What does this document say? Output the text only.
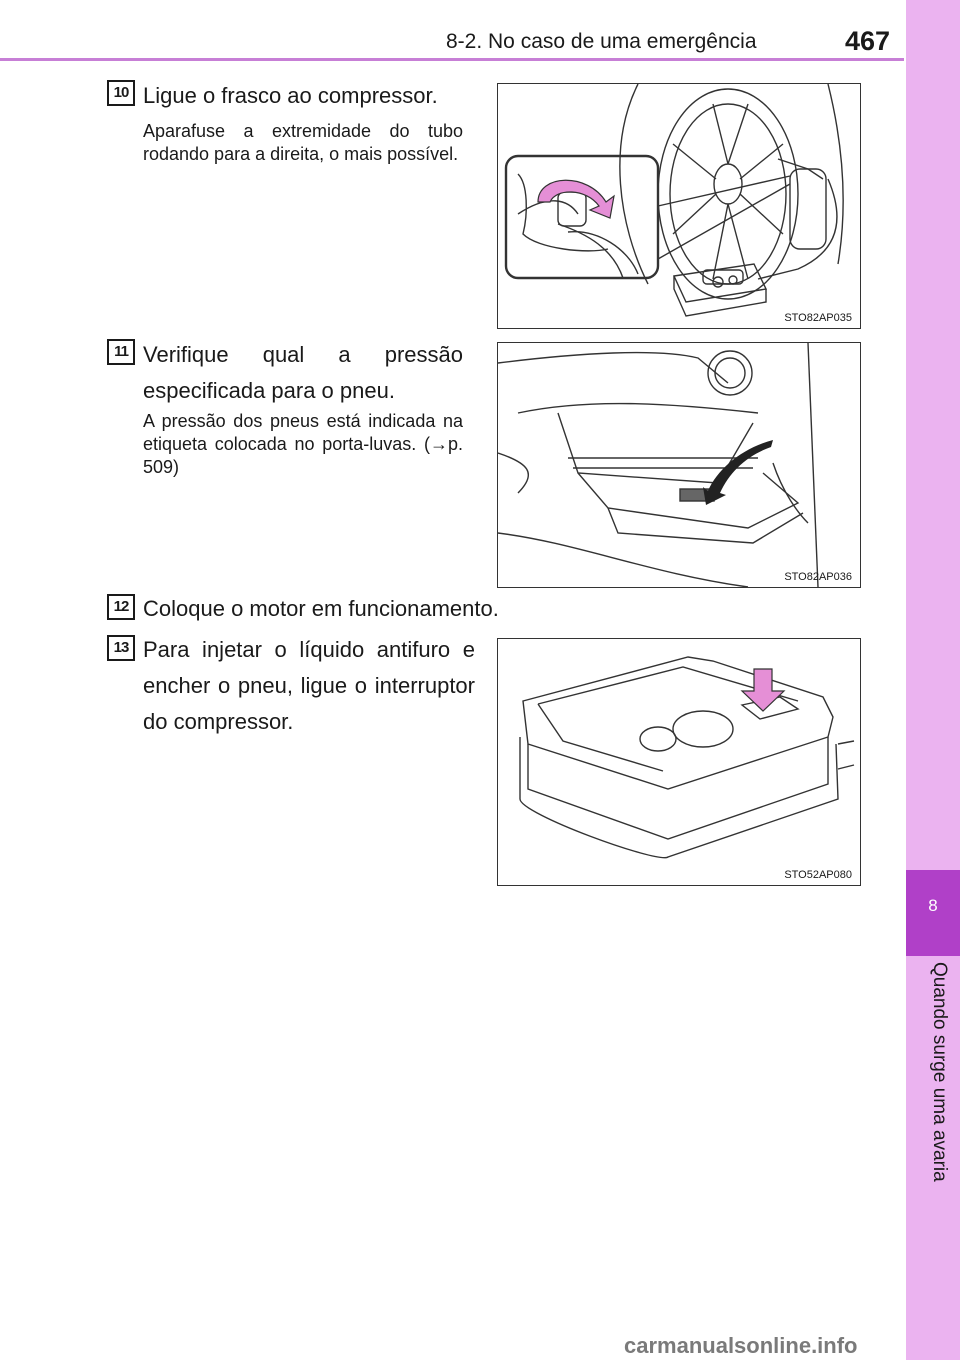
8-2. No caso de uma emergência	467
8
Quando surge uma avaria
10 Ligue o frasco ao compressor.
Aparafuse a extremidade do tubo rodando para a direita, o mais possível.
STO82AP035
11 Verifique qual a pressão especificada para o pneu.
A pressão dos pneus está indicada na etiqueta colocada no porta-luvas. (→p. 509)
STO82AP036
12 Coloque o motor em funcionamento.
13 Para injetar o líquido antifuro e encher o pneu, ligue o interruptor do compressor.
STO52AP080
carmanualsonline.info
